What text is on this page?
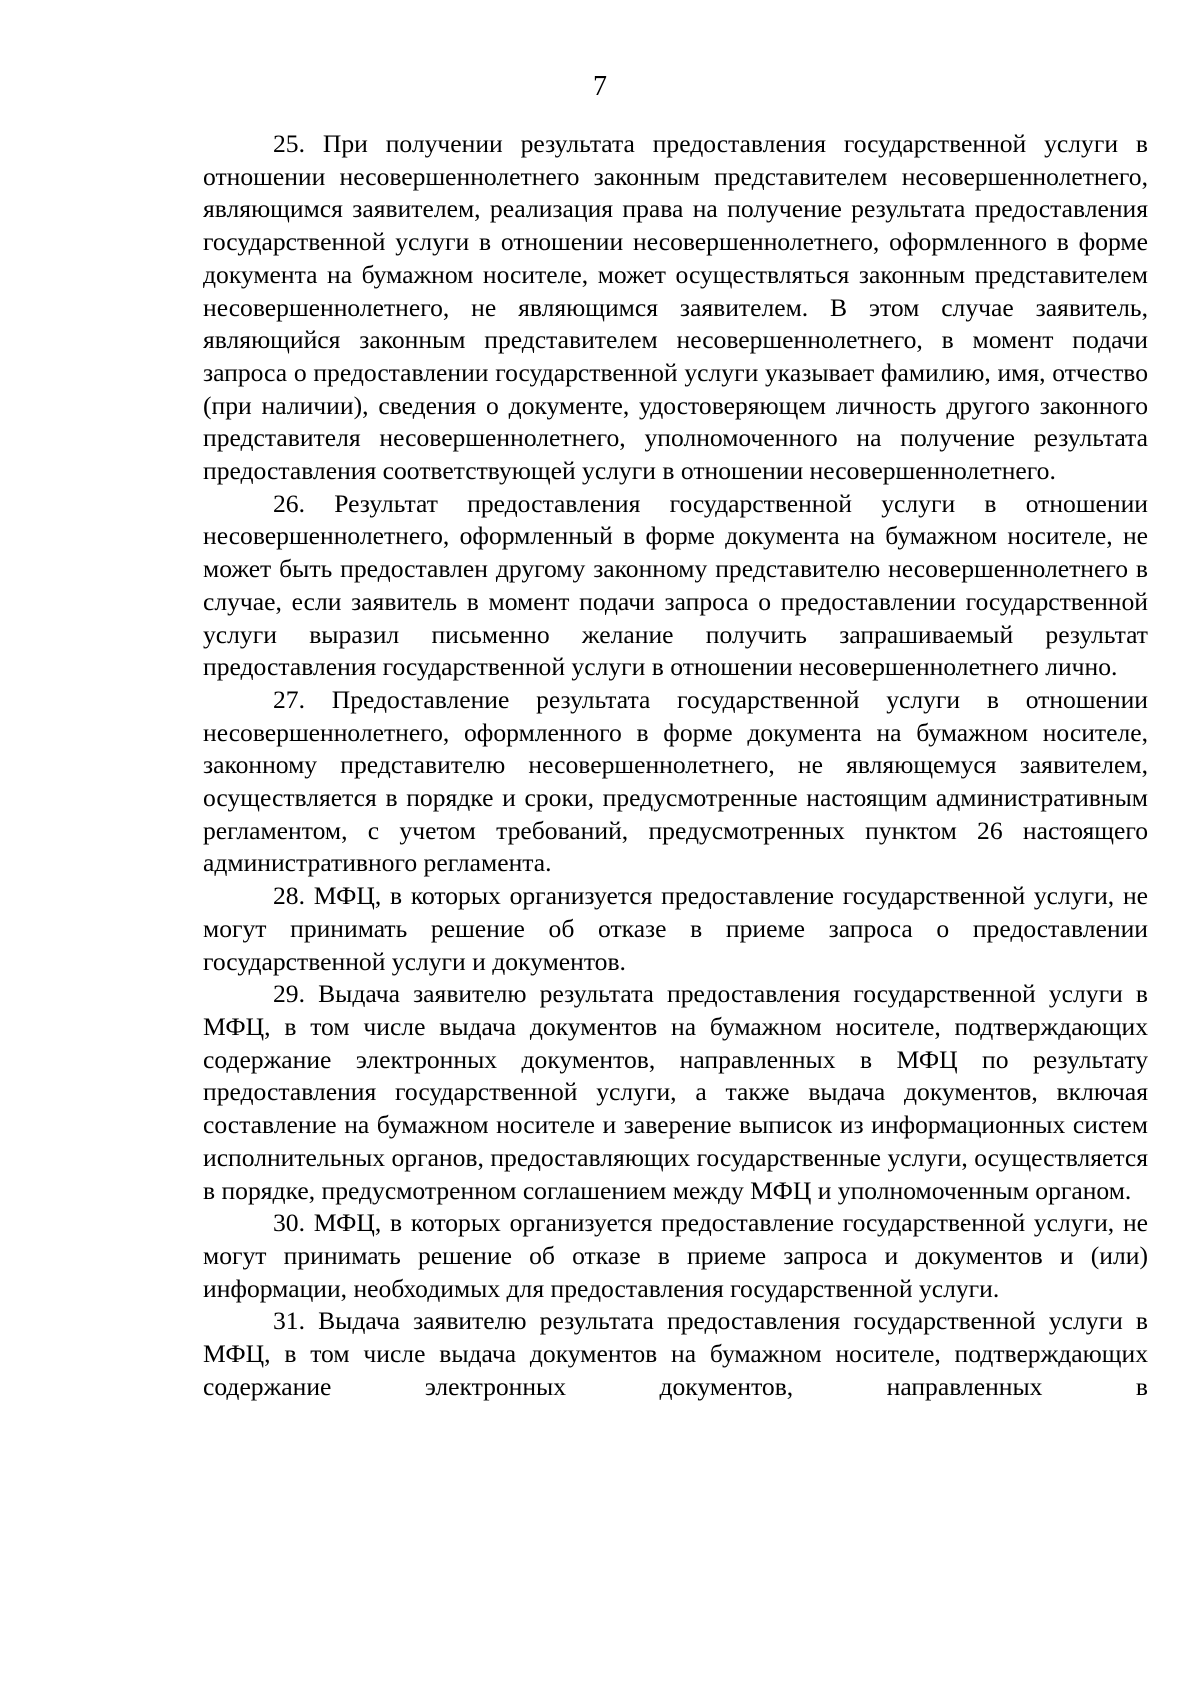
7

25. При получении результата предоставления государственной услуги в отношении несовершеннолетнего законным представителем несовершеннолетнего, являющимся заявителем, реализация права на получение результата предоставления государственной услуги в отношении несовершеннолетнего, оформленного в форме документа на бумажном носителе, может осуществляться законным представителем несовершеннолетнего, не являющимся заявителем. В этом случае заявитель, являющийся законным представителем несовершеннолетнего, в момент подачи запроса о предоставлении государственной услуги указывает фамилию, имя, отчество (при наличии), сведения о документе, удостоверяющем личность другого законного представителя несовершеннолетнего, уполномоченного на получение результата предоставления соответствующей услуги в отношении несовершеннолетнего.

26. Результат предоставления государственной услуги в отношении несовершеннолетнего, оформленный в форме документа на бумажном носителе, не может быть предоставлен другому законному представителю несовершеннолетнего в случае, если заявитель в момент подачи запроса о предоставлении государственной услуги выразил письменно желание получить запрашиваемый результат предоставления государственной услуги в отношении несовершеннолетнего лично.

27. Предоставление результата государственной услуги в отношении несовершеннолетнего, оформленного в форме документа на бумажном носителе, законному представителю несовершеннолетнего, не являющемуся заявителем, осуществляется в порядке и сроки, предусмотренные настоящим административным регламентом, с учетом требований, предусмотренных пунктом 26 настоящего административного регламента.

28. МФЦ, в которых организуется предоставление государственной услуги, не могут принимать решение об отказе в приеме запроса о предоставлении государственной услуги и документов.

29. Выдача заявителю результата предоставления государственной услуги в МФЦ, в том числе выдача документов на бумажном носителе, подтверждающих содержание электронных документов, направленных в МФЦ по результату предоставления государственной услуги, а также выдача документов, включая составление на бумажном носителе и заверение выписок из информационных систем исполнительных органов, предоставляющих государственные услуги, осуществляется в порядке, предусмотренном соглашением между МФЦ и уполномоченным органом.

30. МФЦ, в которых организуется предоставление государственной услуги, не могут принимать решение об отказе в приеме запроса и документов и (или) информации, необходимых для предоставления государственной услуги.

31. Выдача заявителю результата предоставления государственной услуги в МФЦ, в том числе выдача документов на бумажном носителе, подтверждающих содержание электронных документов, направленных в
